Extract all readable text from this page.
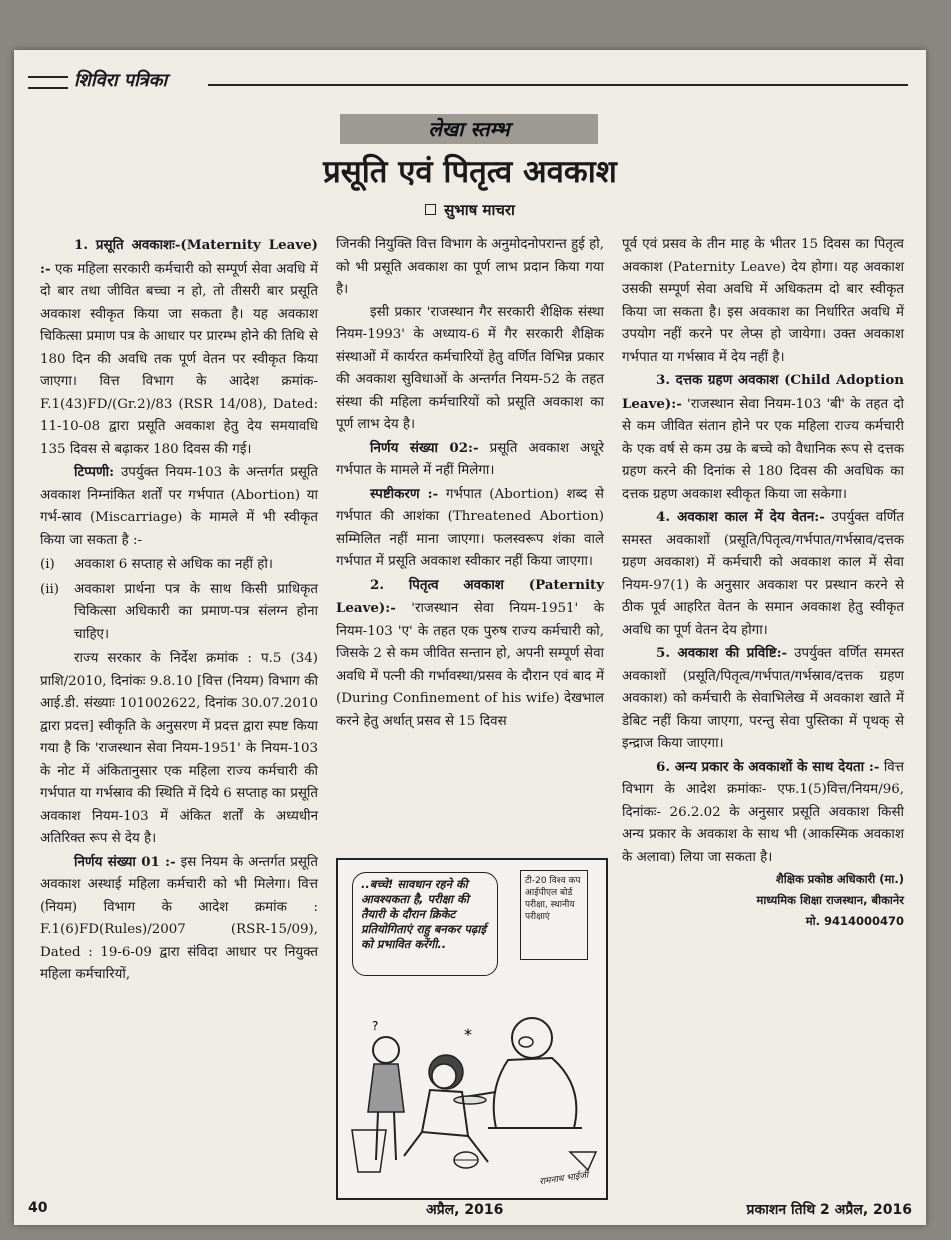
शिविरा पत्रिका
लेखा स्तम्भ
प्रसूति एवं पितृत्व अवकाश
सुभाष माचरा

1. प्रसूति अवकाशः-(Maternity Leave) :- एक महिला सरकारी कर्मचारी को सम्पूर्ण सेवा अवधि में दो बार तथा जीवित बच्चा न हो, तो तीसरी बार प्रसूति अवकाश स्वीकृत किया जा सकता है। यह अवकाश चिकित्सा प्रमाण पत्र के आधार पर प्रारम्भ होने की तिथि से 180 दिन की अवधि तक पूर्ण वेतन पर स्वीकृत किया जाएगा। वित्त विभाग के आदेश क्रमांक- F.1(43)FD/(Gr.2)/83 (RSR 14/08), Dated: 11-10-08 द्वारा प्रसूति अवकाश हेतु देय समयावधि 135 दिवस से बढ़ाकर 180 दिवस की गई।

टिप्पणी: उपर्युक्त नियम-103 के अन्तर्गत प्रसूति अवकाश निम्नांकित शर्तों पर गर्भपात (Abortion) या गर्भ-स्राव (Miscarriage) के मामले में भी स्वीकृत किया जा सकता है :-

(i)	अवकाश 6 सप्ताह से अधिक का नहीं हो।
(ii)	अवकाश प्रार्थना पत्र के साथ किसी प्राधिकृत चिकित्सा अधिकारी का प्रमाण-पत्र संलग्न होना चाहिए।

राज्य सरकार के निर्देश क्रमांक : प.5 (34) प्राशि/2010, दिनांकः 9.8.10 [वित्त (नियम) विभाग की आई.डी. संख्याः 101002622, दिनांक 30.07.2010 द्वारा प्रदत्त] स्वीकृति के अनुसरण में प्रदत्त द्वारा स्पष्ट किया गया है कि 'राजस्थान सेवा नियम-1951' के नियम-103 के नोट में अंकितानुसार एक महिला राज्य कर्मचारी की गर्भपात या गर्भस्राव की स्थिति में दिये 6 सप्ताह का प्रसूति अवकाश नियम-103 में अंकित शर्तों के अध्यधीन अतिरिक्त रूप से देय है।

निर्णय संख्या 01 :- इस नियम के अन्तर्गत प्रसूति अवकाश अस्थाई महिला कर्मचारी को भी मिलेगा। वित्त (नियम) विभाग के आदेश क्रमांक : F.1(6)FD(Rules)/2007 (RSR-15/09), Dated : 19-6-09 द्वारा संविदा आधार पर नियुक्त महिला कर्मचारियों,

जिनकी नियुक्ति वित्त विभाग के अनुमोदनोपरान्त हुई हो, को भी प्रसूति अवकाश का पूर्ण लाभ प्रदान किया गया है।

इसी प्रकार 'राजस्थान गैर सरकारी शैक्षिक संस्था नियम-1993' के अध्याय-6 में गैर सरकारी शैक्षिक संस्थाओं में कार्यरत कर्मचारियों हेतु वर्णित विभिन्न प्रकार की अवकाश सुविधाओं के अन्तर्गत नियम-52 के तहत संस्था की महिला कर्मचारियों को प्रसूति अवकाश का पूर्ण लाभ देय है।

निर्णय संख्या 02:- प्रसूति अवकाश अधूरे गर्भपात के मामले में नहीं मिलेगा।

स्पष्टीकरण :- गर्भपात (Abortion) शब्द से गर्भपात की आशंका (Threatened Abortion) सम्मिलित नहीं माना जाएगा। फलस्वरूप शंका वाले गर्भपात में प्रसूति अवकाश स्वीकार नहीं किया जाएगा।

2. पितृत्व अवकाश (Paternity Leave):- 'राजस्थान सेवा नियम-1951' के नियम-103 'ए' के तहत एक पुरुष राज्य कर्मचारी को, जिसके 2 से कम जीवित सन्तान हो, अपनी सम्पूर्ण सेवा अवधि में पत्नी की गर्भावस्था/प्रसव के दौरान एवं बाद में (During Confinement of his wife) देखभाल करने हेतु अर्थात् प्रसव से 15 दिवस

..बच्चे! सावधान रहने की आवश्यकता है, परीक्षा की तैयारी के दौरान क्रिकेट प्रतियोगिताएं राहु बनकर पढ़ाई को प्रभावित करेंगी..
टी-20 विश्व कप आईपीएल बोर्ड परीक्षा, स्थानीय परीक्षाएं
*
?
रामनाथ भाईजी

पूर्व एवं प्रसव के तीन माह के भीतर 15 दिवस का पितृत्व अवकाश (Paternity Leave) देय होगा। यह अवकाश उसकी सम्पूर्ण सेवा अवधि में अधिकतम दो बार स्वीकृत किया जा सकता है। इस अवकाश का निर्धारित अवधि में उपयोग नहीं करने पर लेप्स हो जायेगा। उक्त अवकाश गर्भपात या गर्भस्राव में देय नहीं है।

3. दत्तक ग्रहण अवकाश (Child Adoption Leave):- 'राजस्थान सेवा नियम-103 'बी' के तहत दो से कम जीवित संतान होने पर एक महिला राज्य कर्मचारी के एक वर्ष से कम उम्र के बच्चे को वैधानिक रूप से दत्तक ग्रहण करने की दिनांक से 180 दिवस की अवधिक का दत्तक ग्रहण अवकाश स्वीकृत किया जा सकेगा।

4. अवकाश काल में देय वेतन:- उपर्युक्त वर्णित समस्त अवकाशों (प्रसूति/पितृत्व/गर्भपात/गर्भस्राव/दत्तक ग्रहण अवकाश) में कर्मचारी को अवकाश काल में सेवा नियम-97(1) के अनुसार अवकाश पर प्रस्थान करने से ठीक पूर्व आहरित वेतन के समान अवकाश हेतु स्वीकृत अवधि का पूर्ण वेतन देय होगा।

5. अवकाश की प्रविष्टि:- उपर्युक्त वर्णित समस्त अवकाशों (प्रसूति/पितृत्व/गर्भपात/गर्भस्राव/दत्तक ग्रहण अवकाश) को कर्मचारी के सेवाभिलेख में अवकाश खाते में डेबिट नहीं किया जाएगा, परन्तु सेवा पुस्तिका में पृथक् से इन्द्राज किया जाएगा।

6. अन्य प्रकार के अवकाशों के साथ देयता :- वित्त विभाग के आदेश क्रमांकः- एफ.1(5)वित्त/नियम/96, दिनांकः- 26.2.02 के अनुसार प्रसूति अवकाश किसी अन्य प्रकार के अवकाश के साथ भी (आकस्मिक अवकाश के अलावा) लिया जा सकता है।

शैक्षिक प्रकोष्ठ अधिकारी (मा.)
माध्यमिक शिक्षा राजस्थान, बीकानेर
मो. 9414000470
40	अप्रैल, 2016	प्रकाशन तिथि 2 अप्रैल, 2016
